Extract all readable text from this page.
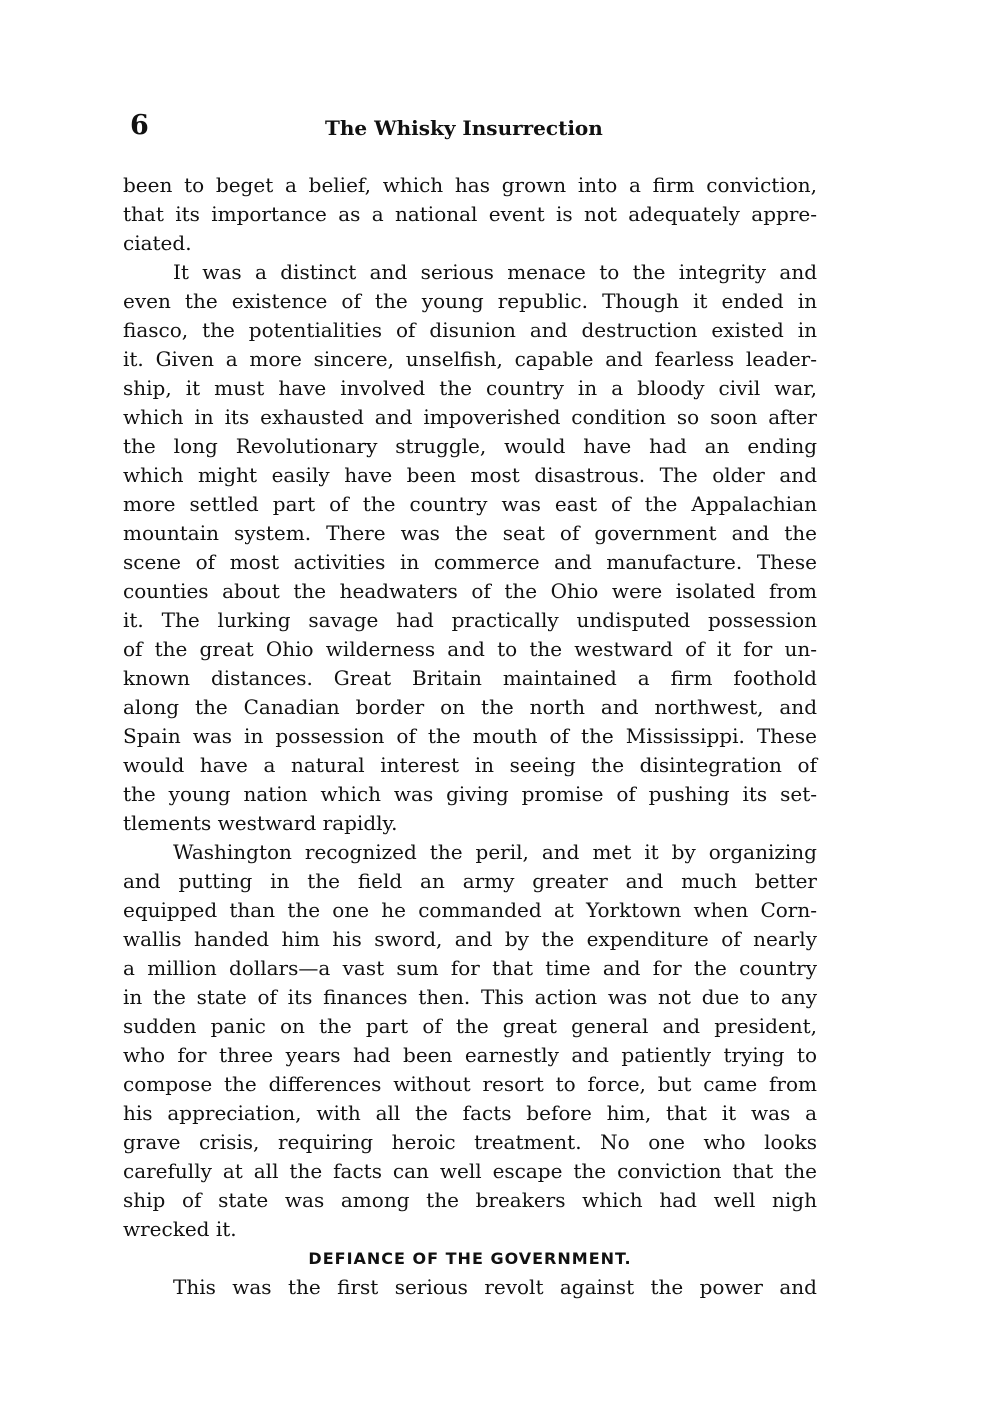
6	The Whisky Insurrection
been to beget a belief, which has grown into a firm conviction,
that its importance as a national event is not adequately appre-
ciated.
It was a distinct and serious menace to the integrity and
even the existence of the young republic. Though it ended in
fiasco, the potentialities of disunion and destruction existed in
it. Given a more sincere, unselfish, capable and fearless leader-
ship, it must have involved the country in a bloody civil war,
which in its exhausted and impoverished condition so soon after
the long Revolutionary struggle, would have had an ending
which might easily have been most disastrous. The older and
more settled part of the country was east of the Appalachian
mountain system. There was the seat of government and the
scene of most activities in commerce and manufacture. These
counties about the headwaters of the Ohio were isolated from
it. The lurking savage had practically undisputed possession
of the great Ohio wilderness and to the westward of it for un-
known distances. Great Britain maintained a firm foothold
along the Canadian border on the north and northwest, and
Spain was in possession of the mouth of the Mississippi. These
would have a natural interest in seeing the disintegration of
the young nation which was giving promise of pushing its set-
tlements westward rapidly.
Washington recognized the peril, and met it by organizing
and putting in the field an army greater and much better
equipped than the one he commanded at Yorktown when Corn-
wallis handed him his sword, and by the expenditure of nearly
a million dollars—a vast sum for that time and for the country
in the state of its finances then. This action was not due to any
sudden panic on the part of the great general and president,
who for three years had been earnestly and patiently trying to
compose the differences without resort to force, but came from
his appreciation, with all the facts before him, that it was a
grave crisis, requiring heroic treatment. No one who looks
carefully at all the facts can well escape the conviction that the
ship of state was among the breakers which had well nigh
wrecked it.
DEFIANCE OF THE GOVERNMENT.
This was the first serious revolt against the power and
